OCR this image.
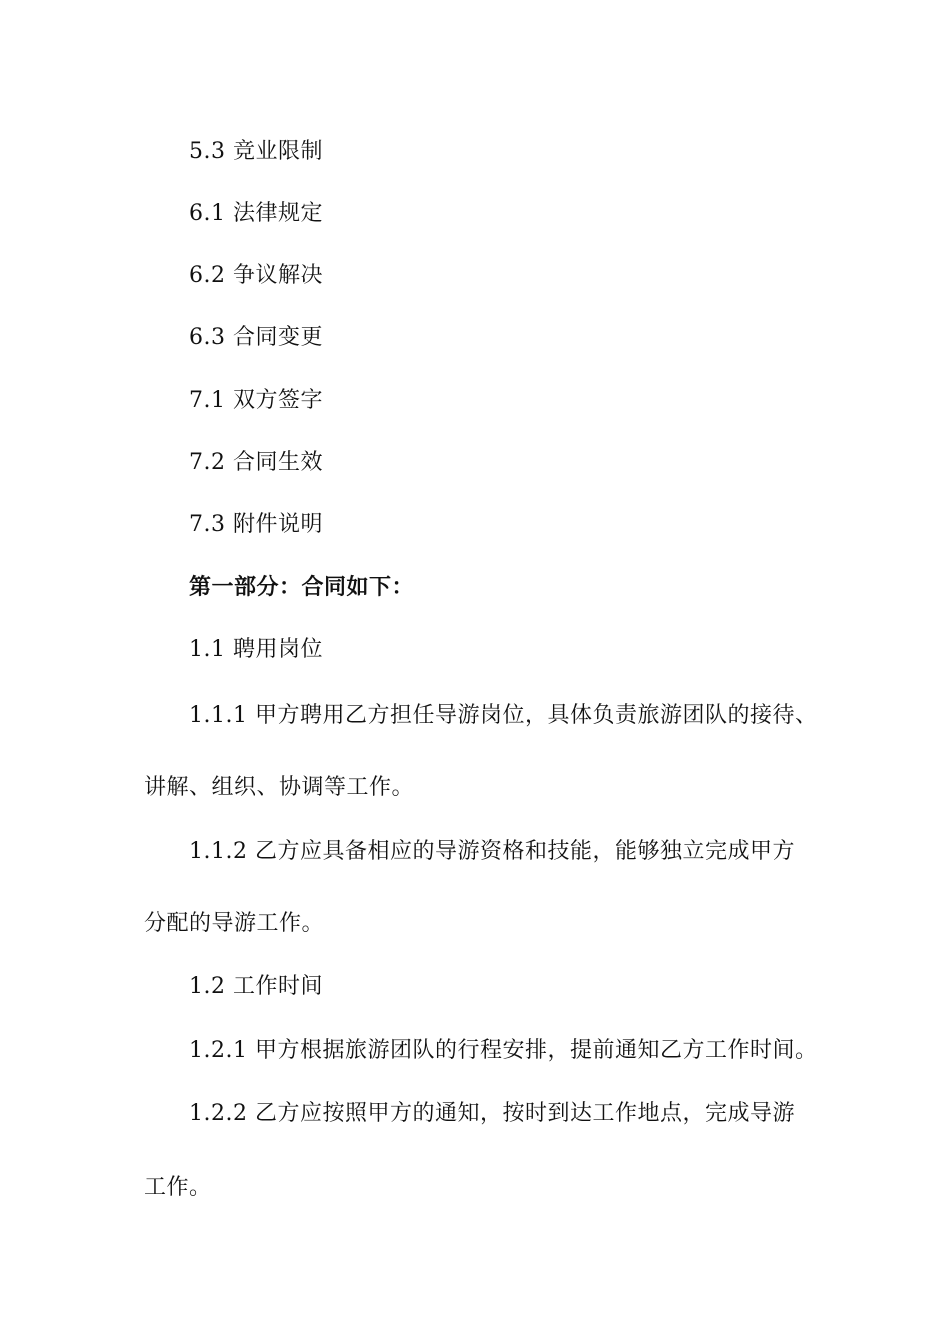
5.3 竞业限制
6.1 法律规定
6.2 争议解决
6.3 合同变更
7.1 双方签字
7.2 合同生效
7.3 附件说明
第一部分：合同如下：
1.1 聘用岗位
1.1.1 甲方聘用乙方担任导游岗位，具体负责旅游团队的接待、
讲解、组织、协调等工作。
1.1.2 乙方应具备相应的导游资格和技能，能够独立完成甲方
分配的导游工作。
1.2 工作时间
1.2.1 甲方根据旅游团队的行程安排，提前通知乙方工作时间。
1.2.2 乙方应按照甲方的通知，按时到达工作地点，完成导游
工作。
